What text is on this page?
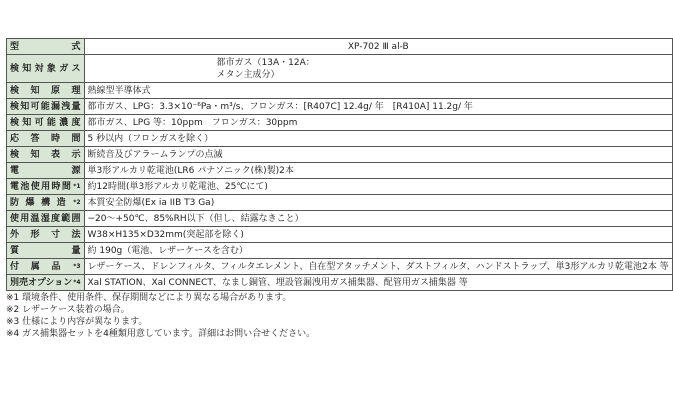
型　　式	XP-702 Ⅲ al-B
検知対象ガス	都市ガス（13A・12A：
メタン主成分）
検知原理	熱線型半導体式
検知可能漏洩量	都市ガス、LPG：3.3×10⁻⁶Pa・m³/s、フロンガス：[R407C] 12.4g/ 年　[R410A] 11.2g/ 年
検知可能濃度	都市ガス、LPG 等：10ppm　フロンガス：30ppm
応答時間	5 秒以内（フロンガスを除く）
検知表示	断続音及びアラームランプの点滅
電　　源	単3形アルカリ乾電池(LR6 パナソニック(株)製)2本
電池使用時間$^{*1}$	約12時間(単3形アルカリ乾電池、25℃にて)
防爆構造$^{*2}$	本質安全防爆(Ex ia IIB T3 Ga)
使用温湿度範囲	−20〜+50℃、85%RH以下（但し、結露なきこと）
外形寸法	W38×H135×D32mm(突起部を除く)
質　　量	約 190g（電池、レザーケースを含む）
付属品$^{*3}$	レザーケース、ドレンフィルタ、フィルタエレメント、自在型アタッチメント、ダストフィルタ、ハンドストラップ、単3形アルカリ乾電池2本 等
別売オプション$^{*4}$	Xal STATION、Xal CONNECT、なまし銅管、埋設管漏洩用ガス捕集器、配管用ガス捕集器 等
※1 環境条件、使用条件、保存期間などにより異なる場合があります。
※2 レザーケース装着の場合。
※3 仕様により内容が異なります。
※4 ガス捕集器セットを4種類用意しています。詳細はお問い合せください。
